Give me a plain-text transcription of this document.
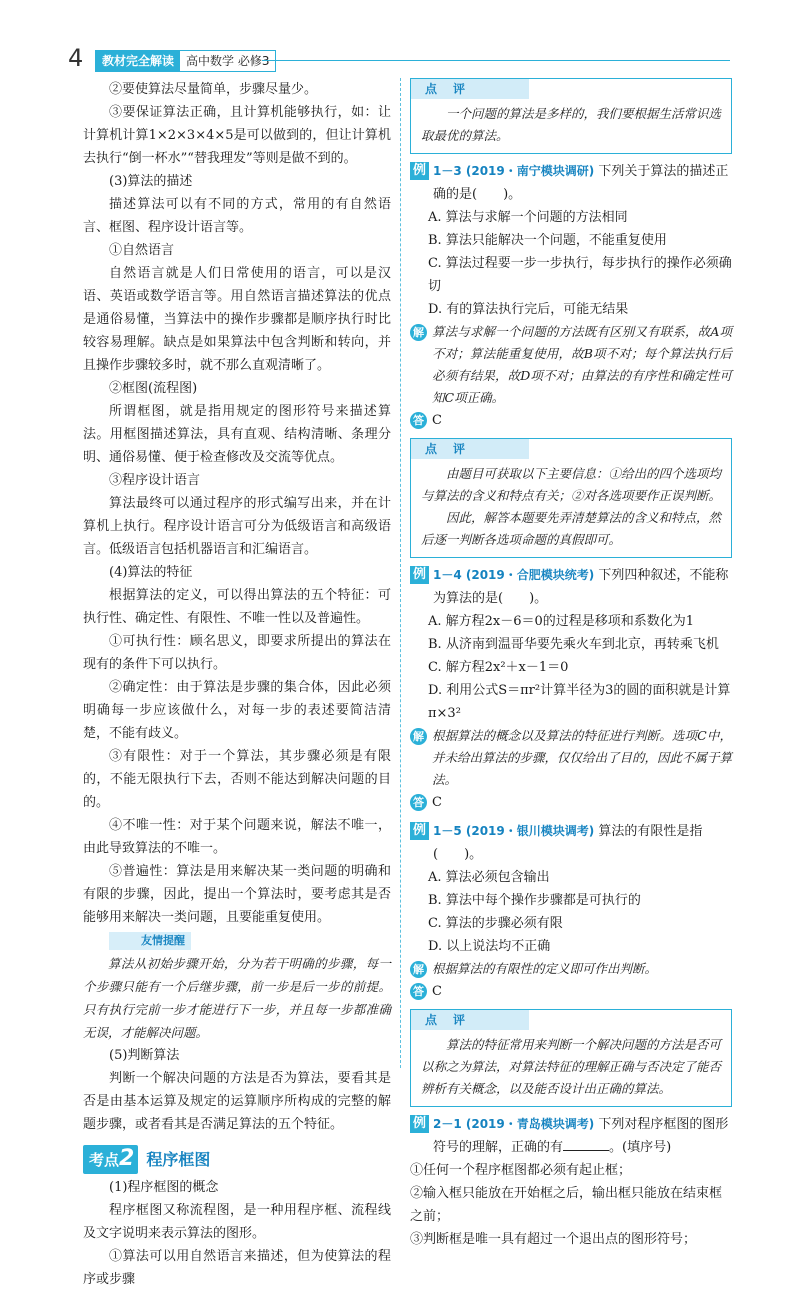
4	教材完全解读	高中数学 必修3

②要使算法尽量简单，步骤尽量少。

③要保证算法正确，且计算机能够执行，如：让计算机计算1×2×3×4×5是可以做到的，但让计算机去执行“倒一杯水”“替我理发”等则是做不到的。

(3)算法的描述

描述算法可以有不同的方式，常用的有自然语言、框图、程序设计语言等。

①自然语言

自然语言就是人们日常使用的语言，可以是汉语、英语或数学语言等。用自然语言描述算法的优点是通俗易懂，当算法中的操作步骤都是顺序执行时比较容易理解。缺点是如果算法中包含判断和转向，并且操作步骤较多时，就不那么直观清晰了。

②框图(流程图)

所谓框图，就是指用规定的图形符号来描述算法。用框图描述算法，具有直观、结构清晰、条理分明、通俗易懂、便于检查修改及交流等优点。

③程序设计语言

算法最终可以通过程序的形式编写出来，并在计算机上执行。程序设计语言可分为低级语言和高级语言。低级语言包括机器语言和汇编语言。

(4)算法的特征

根据算法的定义，可以得出算法的五个特征：可执行性、确定性、有限性、不唯一性以及普遍性。

①可执行性：顾名思义，即要求所提出的算法在现有的条件下可以执行。

②确定性：由于算法是步骤的集合体，因此必须明确每一步应该做什么，对每一步的表述要简洁清楚，不能有歧义。

③有限性：对于一个算法，其步骤必须是有限的，不能无限执行下去，否则不能达到解决问题的目的。

④不唯一性：对于某个问题来说，解法不唯一，由此导致算法的不唯一。

⑤普遍性：算法是用来解决某一类问题的明确和有限的步骤，因此，提出一个算法时，要考虑其是否能够用来解决一类问题，且要能重复使用。

友情提醒

算法从初始步骤开始，分为若干明确的步骤，每一个步骤只能有一个后继步骤，前一步是后一步的前提。只有执行完前一步才能进行下一步，并且每一步都准确无误，才能解决问题。

(5)判断算法

判断一个解决问题的方法是否为算法，要看其是否是由基本运算及规定的运算顺序所构成的完整的解题步骤，或者看其是否满足算法的五个特征。

考点2 程序框图

(1)程序框图的概念

程序框图又称流程图，是一种用程序框、流程线及文字说明来表示算法的图形。

①算法可以用自然语言来描述，但为使算法的程序或步骤

点评

一个问题的算法是多样的，我们要根据生活常识选取最优的算法。

例 1－3 (2019・南宁模块调研) 下列关于算法的描述正确的是(　　)。

A. 算法与求解一个问题的方法相同

B. 算法只能解决一个问题，不能重复使用

C. 算法过程要一步一步执行，每步执行的操作必须确切

D. 有的算法执行完后，可能无结果

解 算法与求解一个问题的方法既有区别又有联系，故A项不对；算法能重复使用，故B项不对；每个算法执行后必须有结果，故D项不对；由算法的有序性和确定性可知C项正确。

答 C
点评

由题目可获取以下主要信息：①给出的四个选项均与算法的含义和特点有关；②对各选项要作正误判断。

因此，解答本题要先弄清楚算法的含义和特点，然后逐一判断各选项命题的真假即可。

例 1－4 (2019・合肥模块统考) 下列四种叙述，不能称为算法的是(　　)。

A. 解方程2x－6＝0的过程是移项和系数化为1

B. 从济南到温哥华要先乘火车到北京，再转乘飞机

C. 解方程2x²＋x－1＝0

D. 利用公式S＝πr²计算半径为3的圆的面积就是计算π×3²

解 根据算法的概念以及算法的特征进行判断。选项C中，并未给出算法的步骤，仅仅给出了目的，因此不属于算法。

答 C
例 1－5 (2019・银川模块调考) 算法的有限性是指(　　)。

A. 算法必须包含输出

B. 算法中每个操作步骤都是可执行的

C. 算法的步骤必须有限

D. 以上说法均不正确

解 根据算法的有限性的定义即可作出判断。

答 C
点评

算法的特征常用来判断一个解决问题的方法是否可以称之为算法，对算法特征的理解正确与否决定了能否辨析有关概念，以及能否设计出正确的算法。

例 2－1 (2019・青岛模块调考) 下列对程序框图的图形符号的理解，正确的有	。(填序号)

①任何一个程序框图都必须有起止框；

②输入框只能放在开始框之后，输出框只能放在结束框之前；

③判断框是唯一具有超过一个退出点的图形符号；
